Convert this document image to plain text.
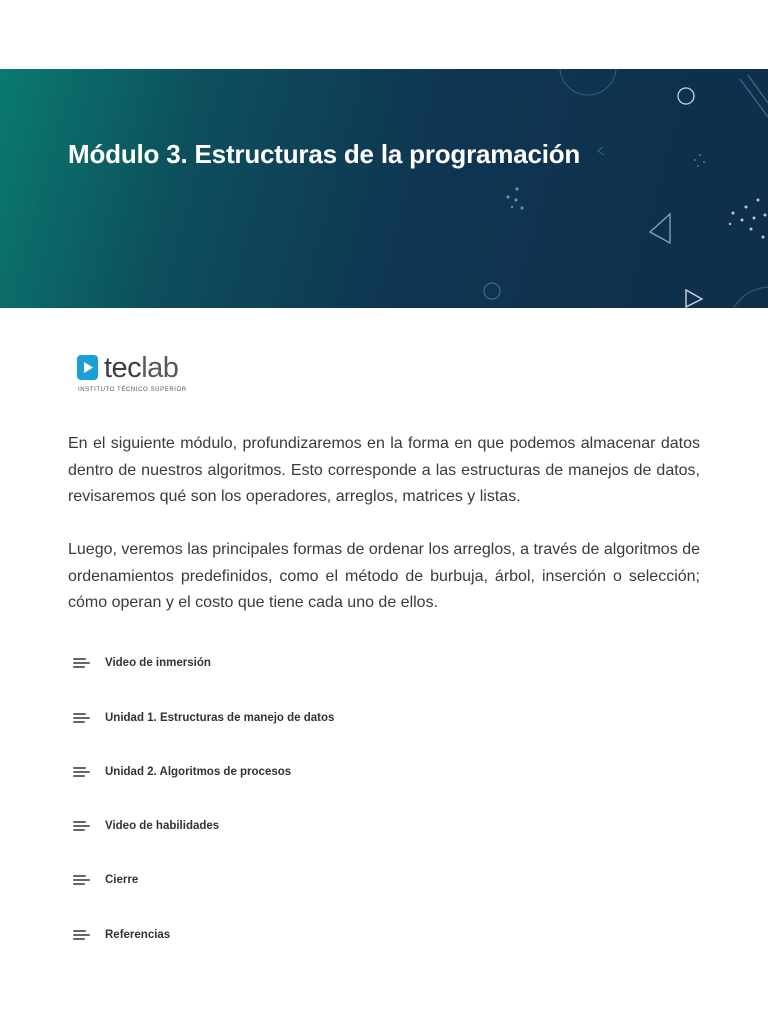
Módulo 3. Estructuras de la programación
teclab
INSTITUTO TÉCNICO SUPERIOR

En el siguiente módulo, profundizaremos en la forma en que podemos almacenar datos dentro de nuestros algoritmos. Esto corresponde a las estructuras de manejos de datos, revisaremos qué son los operadores, arreglos, matrices y listas.

Luego, veremos las principales formas de ordenar los arreglos, a través de algoritmos de ordenamientos predefinidos, como el método de burbuja, árbol, inserción o selección; cómo operan y el costo que tiene cada uno de ellos.

Video de inmersión
Unidad 1. Estructuras de manejo de datos
Unidad 2. Algoritmos de procesos
Video de habilidades
Cierre
Referencias
